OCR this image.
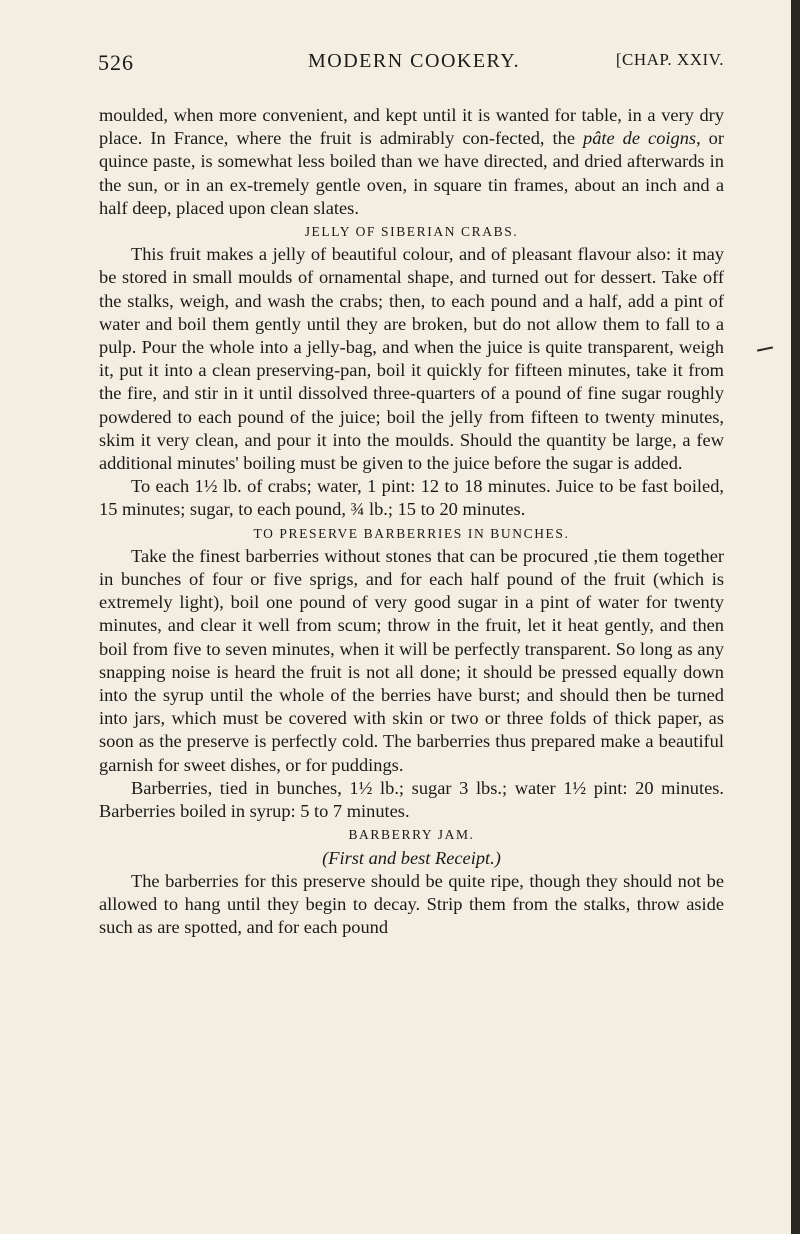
526	MODERN COOKERY.	[CHAP. XXIV.

moulded, when more convenient, and kept until it is wanted for table, in a very dry place. In France, where the fruit is admirably con-fected, the pâte de coigns, or quince paste, is somewhat less boiled than we have directed, and dried afterwards in the sun, or in an ex-tremely gentle oven, in square tin frames, about an inch and a half deep, placed upon clean slates.

JELLY OF SIBERIAN CRABS.

This fruit makes a jelly of beautiful colour, and of pleasant flavour also: it may be stored in small moulds of ornamental shape, and turned out for dessert. Take off the stalks, weigh, and wash the crabs; then, to each pound and a half, add a pint of water and boil them gently until they are broken, but do not allow them to fall to a pulp. Pour the whole into a jelly-bag, and when the juice is quite transparent, weigh it, put it into a clean preserving-pan, boil it quickly for fifteen minutes, take it from the fire, and stir in it until dissolved three-quarters of a pound of fine sugar roughly powdered to each pound of the juice; boil the jelly from fifteen to twenty minutes, skim it very clean, and pour it into the moulds. Should the quantity be large, a few additional minutes' boiling must be given to the juice before the sugar is added.

To each 1½ lb. of crabs; water, 1 pint: 12 to 18 minutes. Juice to be fast boiled, 15 minutes; sugar, to each pound, ¾ lb.; 15 to 20 minutes.

TO PRESERVE BARBERRIES IN BUNCHES.

Take the finest barberries without stones that can be procured ,tie them together in bunches of four or five sprigs, and for each half pound of the fruit (which is extremely light), boil one pound of very good sugar in a pint of water for twenty minutes, and clear it well from scum; throw in the fruit, let it heat gently, and then boil from five to seven minutes, when it will be perfectly transparent. So long as any snapping noise is heard the fruit is not all done; it should be pressed equally down into the syrup until the whole of the berries have burst; and should then be turned into jars, which must be covered with skin or two or three folds of thick paper, as soon as the preserve is perfectly cold. The barberries thus prepared make a beautiful garnish for sweet dishes, or for puddings.

Barberries, tied in bunches, 1½ lb.; sugar 3 lbs.; water 1½ pint: 20 minutes. Barberries boiled in syrup: 5 to 7 minutes.

BARBERRY JAM.

(First and best Receipt.)

The barberries for this preserve should be quite ripe, though they should not be allowed to hang until they begin to decay. Strip them from the stalks, throw aside such as are spotted, and for each pound
